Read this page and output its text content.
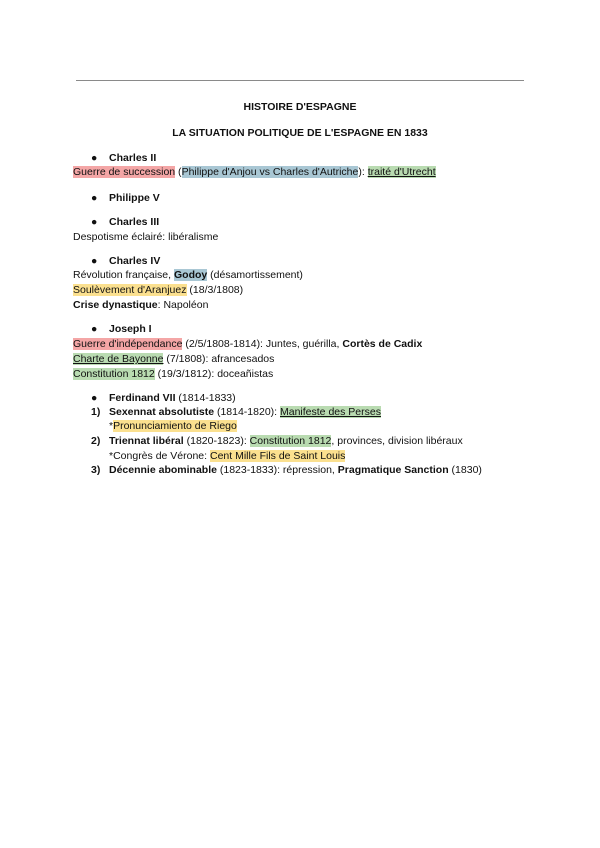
HISTOIRE D'ESPAGNE
LA SITUATION POLITIQUE DE L'ESPAGNE EN 1833
● Charles II
Guerre de succession (Philippe d'Anjou vs Charles d'Autriche): traité d'Utrecht
● Philippe V
● Charles III
Despotisme éclairé: libéralisme
● Charles IV
Révolution française, Godoy (désamortissement)
Soulèvement d'Aranjuez (18/3/1808)
Crise dynastique: Napoléon
● Joseph I
Guerre d'indépendance (2/5/1808-1814): Juntes, guérilla, Cortès de Cadix
Charte de Bayonne (7/1808): afrancesados
Constitution 1812 (19/3/1812): doceañistas
● Ferdinand VII (1814-1833)
1) Sexennat absolutiste (1814-1820): Manifeste des Perses
*Pronunciamiento de Riego
2) Triennat libéral (1820-1823): Constitution 1812, provinces, division libéraux
*Congrès de Vérone: Cent Mille Fils de Saint Louis
3) Décennie abominable (1823-1833): répression, Pragmatique Sanction (1830)
